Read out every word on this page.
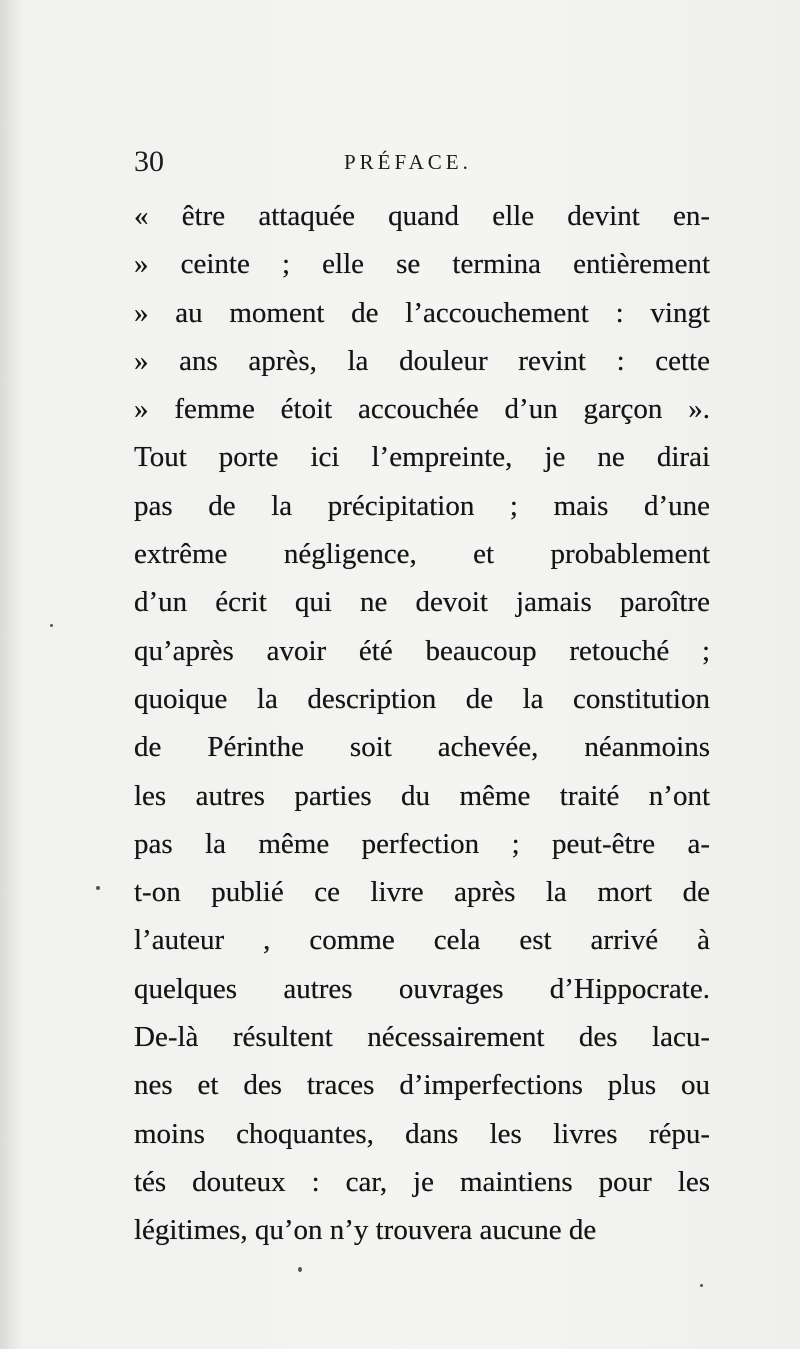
30	PRÉFACE.
« être attaquée quand elle devint en-
» ceinte ; elle se termina entièrement
» au moment de l’accouchement : vingt
» ans après, la douleur revint : cette
» femme étoit accouchée d’un garçon ».
Tout porte ici l’empreinte, je ne dirai
pas de la précipitation ; mais d’une
extrême négligence, et probablement
d’un écrit qui ne devoit jamais paroître
qu’après avoir été beaucoup retouché ;
quoique la description de la constitution
de Périnthe soit achevée, néanmoins
les autres parties du même traité n’ont
pas la même perfection ; peut-être a-
t-on publié ce livre après la mort de
l’auteur , comme cela est arrivé à
quelques autres ouvrages d’Hippocrate.
De-là résultent nécessairement des lacu-
nes et des traces d’imperfections plus ou
moins choquantes, dans les livres répu-
tés douteux : car, je maintiens pour les
légitimes, qu’on n’y trouvera aucune de
